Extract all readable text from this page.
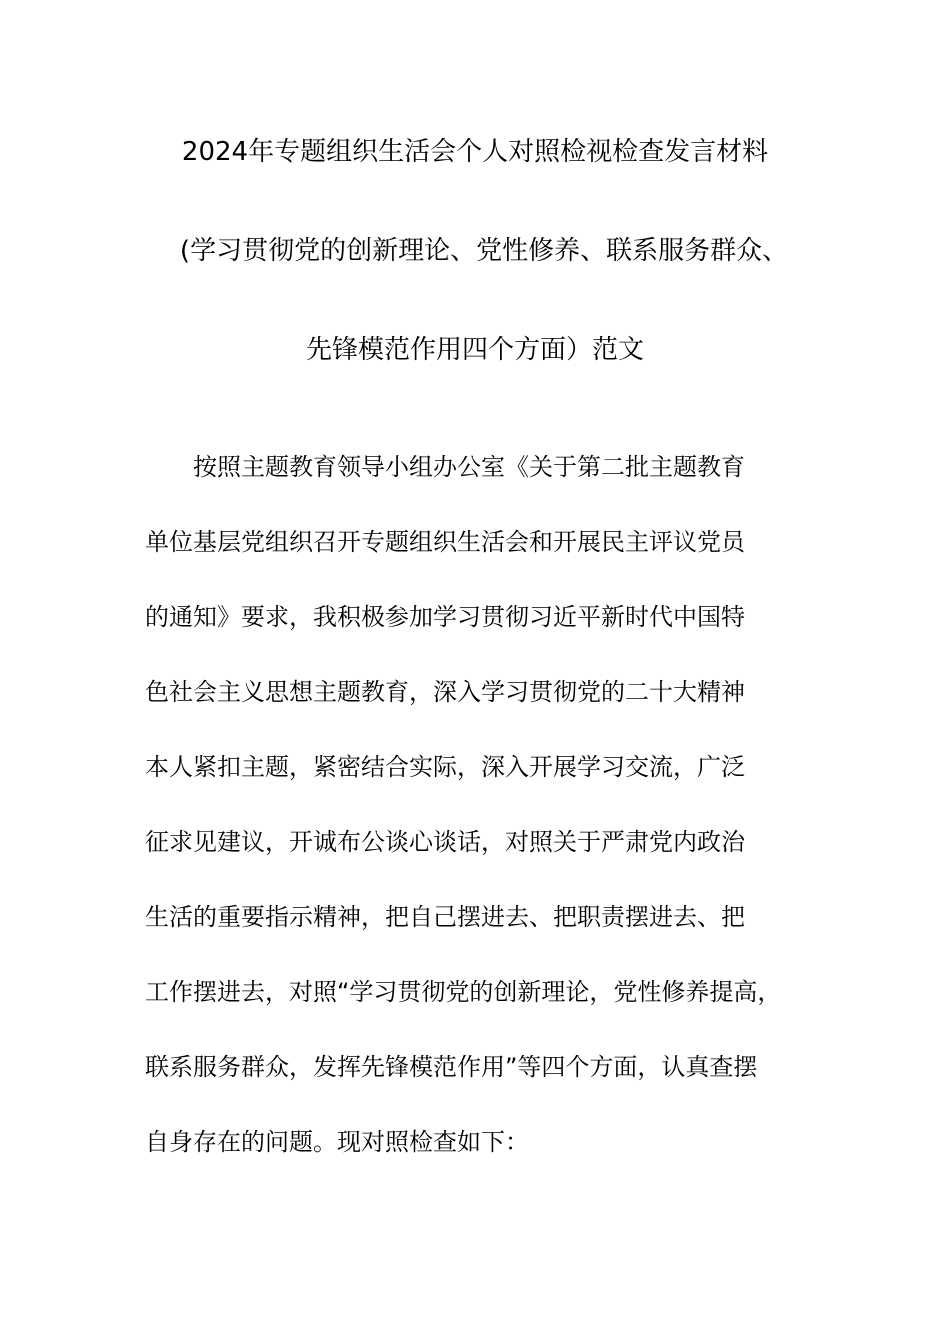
2024年专题组织生活会个人对照检视检查发言材料
(学习贯彻党的创新理论、党性修养、联系服务群众、
先锋模范作用四个方面）范文
按照主题教育领导小组办公室《关于第二批主题教育
单位基层党组织召开专题组织生活会和开展民主评议党员
的通知》要求，我积极参加学习贯彻习近平新时代中国特
色社会主义思想主题教育，深入学习贯彻党的二十大精神
本人紧扣主题，紧密结合实际，深入开展学习交流，广泛
征求见建议，开诚布公谈心谈话，对照关于严肃党内政治
生活的重要指示精神，把自己摆进去、把职责摆进去、把
工作摆进去，对照“学习贯彻党的创新理论，党性修养提高，
联系服务群众，发挥先锋模范作用”等四个方面，认真查摆
自身存在的问题。现对照检查如下：
